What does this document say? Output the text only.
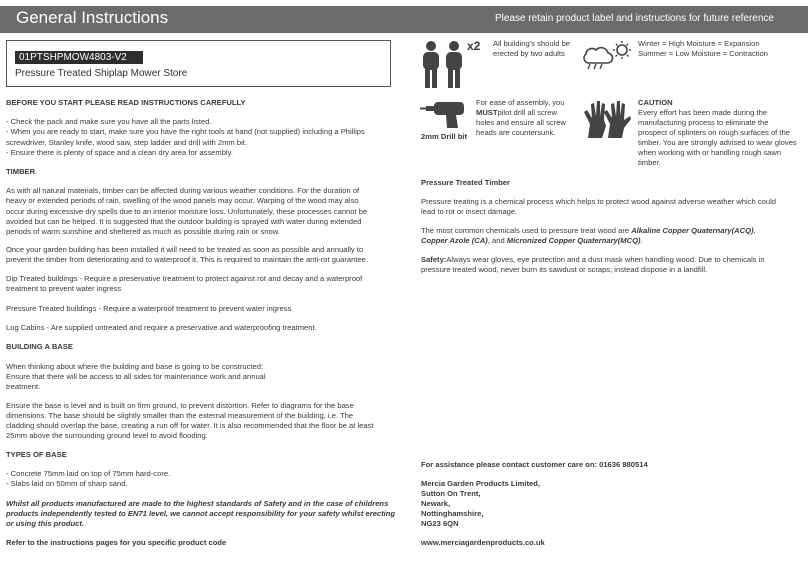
General Instructions	Please retain product label and instructions for future reference
01PTSHPMOW4803-V2
Pressure Treated Shiplap Mower Store
BEFORE YOU START PLEASE READ INSTRUCTIONS CAREFULLY
- Check the pack and make sure you have all the parts listed.
- When you are ready to start, make sure you have the right tools at hand (not supplied) including a Phillips
screwdriver, Stanley knife, wood saw, step ladder and drill with 2mm bit.
- Ensure there is plenty of space and a clean dry area for assembly.
TIMBER
As with all natural materials, timber can be affected during various weather conditions. For the duration of
heavy or extended periods of rain, swelling of the wood panels may occur. Warping of the wood may also
occur during excessive dry spells due to an interior moisture loss. Unfortunately, these processes cannot be
avoided but can be helped. It is suggested that the outdoor building is sprayed with water during extended
periods of warm sunshine and sheltered as much as possible during rain or snow.
Once your garden building has been installed it will need to be treated as soon as possible and annually to
prevent the timber from deteriorating and to waterproof it. This is required to maintain the anti-rot guarantee.
Dip Treated buildings - Require a preservative treatment to protect against rot and decay and a waterproof
treatment to prevent water ingress
Pressure Treated buildings - Require a waterproof treatment to prevent water ingress
Log Cabins - Are supplied untreated and require a preservative and waterproofing treatment.
BUILDING A BASE
When thinking about where the building and base is going to be constructed:
Ensure that there will be access to all sides for maintenance work and annual
treatment.
Ensure the base is level and is built on firm ground, to prevent distortion. Refer to diagrams for the base
dimensions. The base should be slightly smaller than the external measurement of the building, i.e. The
cladding should overlap the base, creating a run off for water. It is also recommended that the floor be at least
25mm above the surrounding ground level to avoid flooding.
TYPES OF BASE
- Concrete 75mm laid on top of 75mm hard-core.
- Slabs laid on 50mm of sharp sand.
Whilst all products manufactured are made to the highest standards of Safety and in the case of childrens
products independently tested to EN71 level, we cannot accept responsibility for your safety whilst erecting
or using this product.
Refer to the instructions pages for you specific product code
x2 All building's should be
erected by two adults
Winter = High Moisture = Expansion
Summer = Low Moisture = Contraction
2mm Drill bit
For ease of assembly, you
MUSTpilot drill all screw
holes and ensure all screw
heads are countersunk.
CAUTION
Every effort has been made during the
manufacturing process to eliminate the
prospect of splinters on rough surfaces of the
timber. You are strongly advised to wear gloves
when working with or handling rough sawn
timber.
Pressure Treated Timber
Pressure treating is a chemical process which helps to protect wood against adverse weather which could
lead to rot or insect damage.
The most common chemicals used to pressure treat wood are Alkaline Copper Quaternary(ACQ),
Copper Azole (CA), and Micronized Copper Quaternary(MCQ).
Safety:Always wear gloves, eye protection and a dust mask when handling wood. Due to chemicals in
pressure treated wood, never burn its sawdust or scraps; instead dispose in a landfill.
For assistance please contact customer care on: 01636 880514
Mercia Garden Products Limited,
Sutton On Trent,
Newark,
Nottinghamshire,
NG23 6QN
www.merciagardenproducts.co.uk
